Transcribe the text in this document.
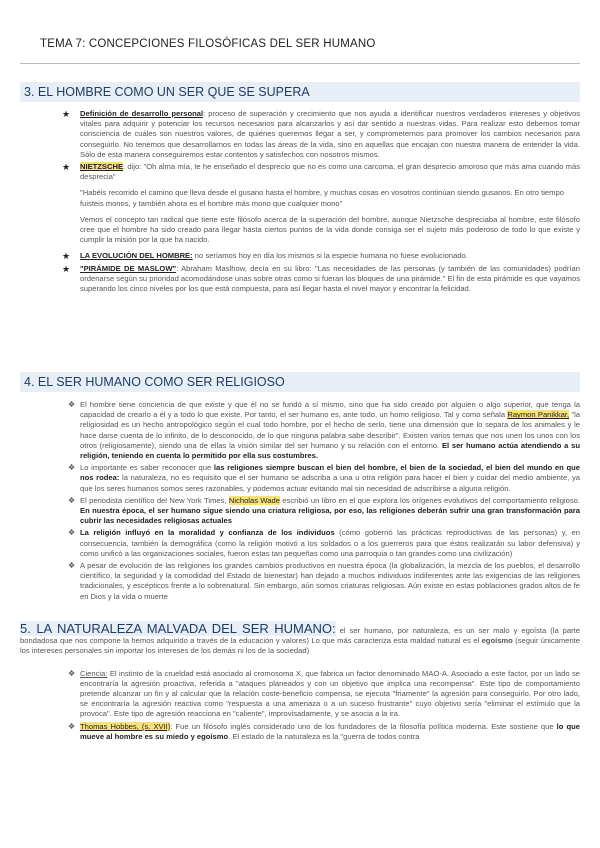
TEMA 7: CONCEPCIONES FILOSÓFICAS DEL SER HUMANO
3. EL HOMBRE COMO UN SER QUE SE SUPERA
★ Definición de desarrollo personal: proceso de superación y crecimiento que nos ayuda a identificar nuestros verdaderos intereses y objetivos vitales para adquirir y potenciar los recursos necesarios para alcanzarlos y así dar sentido a nuestras vidas. Para realizar esto debemos tomar consciencia de cuáles son nuestros valores, de quiénes queremos llegar a ser, y comprometernos para promover los cambios necesarios para conseguirlo. No tenemos que desarrollarnos en todas las áreas de la vida, sino en aquellas que encajan con nuestra manera de entender la vida. Sólo de esta manera conseguiremos estar contentos y satisfechos con nosotros mismos.
★ NIETZSCHE: dijo: "Oh alma mía, te he enseñado el desprecio que no es como una carcoma, el gran desprecio amoroso que más ama cuando más desprecia"
"Habéis recorrido el camino que lleva desde el gusano hasta el hombre, y muchas cosas en vosotros continúan siendo gusanos. En otro tiempo fuisteis monos, y también ahora es el hombre más mono que cualquier mono"
Vemos el concepto tan radical que tiene este filósofo acerca de la superación del hombre, aunque Nietzsche despreciaba al hombre, este filósofo cree que el hombre ha sido creado para llegar hasta ciertos puntos de la vida donde consiga ser el sujeto más poderoso de todo lo que existe y cumplir la misión por la que ha nacido.
★ LA EVOLUCIÓN DEL HOMBRE: no seríamos hoy en día los mismos si la especie humana no fuese evolucionado.
★ "PIRÁMIDE DE MASLOW": Abraham Maslhow, decía en su libro: "Las necesidades de las personas (y también de las comunidades) podrían ordenarse según su prioridad acomodándose unas sobre otras como si fueran los bloques de una pirámide." El fin de esta pirámide es que vayamos superando los cinco niveles por los que está compuesta, para así llegar hasta el nivel mayor y encontrar la felicidad.
4. EL SER HUMANO COMO SER RELIGIOSO
❖ El hombre tiene conciencia de que existe y que él no se fundó a sí mismo, sino que ha sido creado por alguien o algo superior, que tenga la capacidad de crearlo a él y a todo lo que existe. Por tanto, el ser humano es, ante todo, un homo religioso. Tal y como señala Raymon Panikkar, "la religiosidad es un hecho antropológico según el cual todo hombre, por el hecho de serlo, tiene una dimensión que lo separa de los animales y le hace darse cuenta de lo infinito, de lo desconocido, de lo que ninguna palabra sabe describir". Existen varios temas que nos unen los unos con los otros (religiosamente), siendo una de ellas la visión similar del ser humano y su relación con el entorno. El ser humano actúa atendiendo a su religión, teniendo en cuenta lo permitido por ella sus costumbres.
❖ Lo importante es saber reconocer que las religiones siempre buscan el bien del hombre, el bien de la sociedad, el bien del mundo en que nos rodea: la naturaleza, no es requisito que el ser humano se adscriba a una u otra religión para hacer el bien y cuidar del medio ambiente, ya que los seres humanos somos seres razonables, y podemos actuar evitando mal sin necesidad de adscribirse a alguna religión.
❖ El periodista científico del New York Times, Nicholas Wade escribió un libro en el que explora los orígenes evolutivos del comportamiento religioso. En nuestra época, el ser humano sigue siendo una criatura religiosa, por eso, las religiones deberán sufrir una gran transformación para cubrir las necesidades religiosas actuales
❖ La religión influyó en la moralidad y confianza de los individuos (cómo gobernó las prácticas reproductivas de las personas) y, en consecuencia, también la demográfica (como la religión motivó a los soldados o a los guerreros para que éstos realizarán su labor defensiva) y como unificó a las organizaciones sociales, fueron estas tan pequeñas como una parroquia o tan grandes como una civilización)
❖ A pesar de evolución de las religiones los grandes cambios productivos en nuestra época (la globalización, la mezcla de los pueblos, el desarrollo científico, la seguridad y la comodidad del Estado de bienestar) han dejado a muchos individuos indiferentes ante las exigencias de las religiones tradicionales, y escépticos frente a lo sobrenatural. Sin embargo, aún somos criaturas religiosas. Aún existe en estas poblaciones grados altos de fe en Dios y la vida o muerte
5. LA NATURALEZA MALVADA DEL SER HUMANO: el ser humano, por naturaleza, es un ser malo y egoísta (la parte bondadosa que nos compone la hemos adquirido a través de la educación y valores) Lo que más caracteriza esta maldad natural es el egoísmo (seguir únicamente los intereses personales sin importar los intereses de los demás ni los de la sociedad)
❖ Ciencia: El instinto de la crueldad está asociado al cromosoma X, que fabrica un factor denominado MAO-A. Asociado a este factor, por un lado se encontraría la agresión proactiva, referida a "ataques planeados y con un objetivo que implica una recompensa". Este tipo de comportamiento pretende alcanzar un fin y al calcular que la relación coste-beneficio compensa, se ejecuta "friamente" la agresión para conseguirlo. Por otro lado, se encontraría la agresión reactiva como "respuesta a una amenaza o a un suceso frustrante" cuyo objetivo sería "eliminar el estímulo que la provoca". Este tipo de agresión reacciona en "caliente", improvisadamente, y se asocia a la ira.
❖ Thomas Hobbes, (s. XVII): Fue un filósofo inglés considerado uno de los fundadores de la filosofía política moderna. Este sostiene que lo que mueve al hombre es su miedo y egoísmo. El estado de la naturaleza es la "guerra de todos contra
